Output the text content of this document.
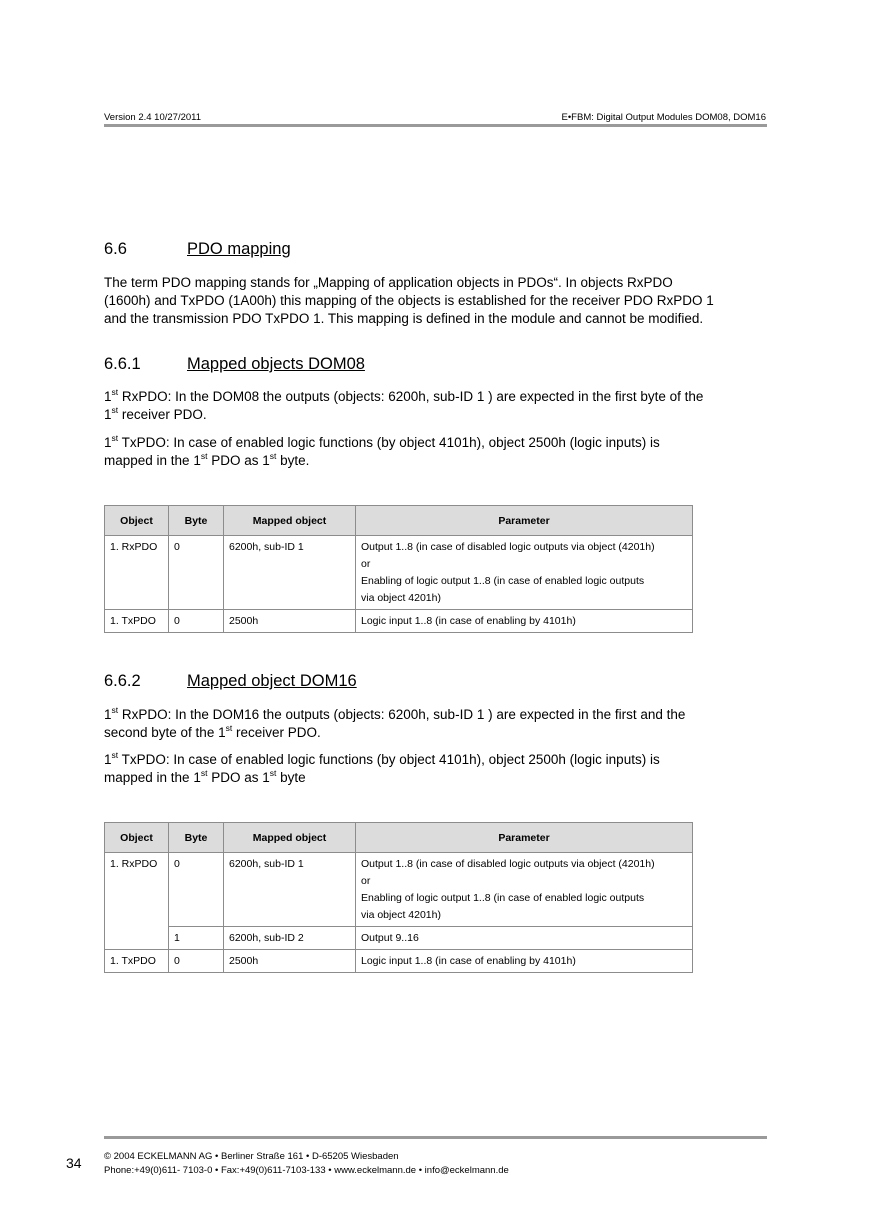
Version 2.4 10/27/2011	E•FBM: Digital Output Modules DOM08, DOM16
6.6	PDO mapping

The term PDO mapping stands for „Mapping of application objects in PDOs“. In objects RxPDO

(1600h) and TxPDO (1A00h) this mapping of the objects is established for the receiver PDO RxPDO 1

and the transmission PDO TxPDO 1. This mapping is defined in the module and cannot be modified.

6.6.1	Mapped objects DOM08

1st RxPDO: In the DOM08 the outputs (objects: 6200h, sub-ID 1 ) are expected in the first byte of the

1st receiver PDO.

1st TxPDO: In case of enabled logic functions (by object 4101h), object 2500h (logic inputs) is

mapped in the 1st PDO as 1st byte.

Object	Byte	Mapped object	Parameter
1. RxPDO	0	6200h, sub-ID 1	Output 1..8 (in case of disabled logic outputs via object (4201h)
or
Enabling of logic output 1..8 (in case of enabled logic outputs
via object 4201h)

1. TxPDO	0	2500h	Logic input 1..8 (in case of enabling by 4101h)
6.6.2	Mapped object DOM16

1st RxPDO: In the DOM16 the outputs (objects: 6200h, sub-ID 1 ) are expected in the first and the

second byte of the 1st receiver PDO.

1st TxPDO: In case of enabled logic functions (by object 4101h), object 2500h (logic inputs) is

mapped in the 1st PDO as 1st byte

Object	Byte	Mapped object	Parameter
1. RxPDO	0	6200h, sub-ID 1	Output 1..8 (in case of disabled logic outputs via object (4201h)
or
Enabling of logic output 1..8 (in case of enabled logic outputs
via object 4201h)

	1	6200h, sub-ID 2	Output 9..16

1. TxPDO	0	2500h	Logic input 1..8 (in case of enabling by 4101h)
34 © 2004 ECKELMANN AG • Berliner Straße 161 • D-65205 Wiesbaden
Phone:+49(0)611- 7103-0 • Fax:+49(0)611-7103-133 • www.eckelmann.de • info@eckelmann.de
